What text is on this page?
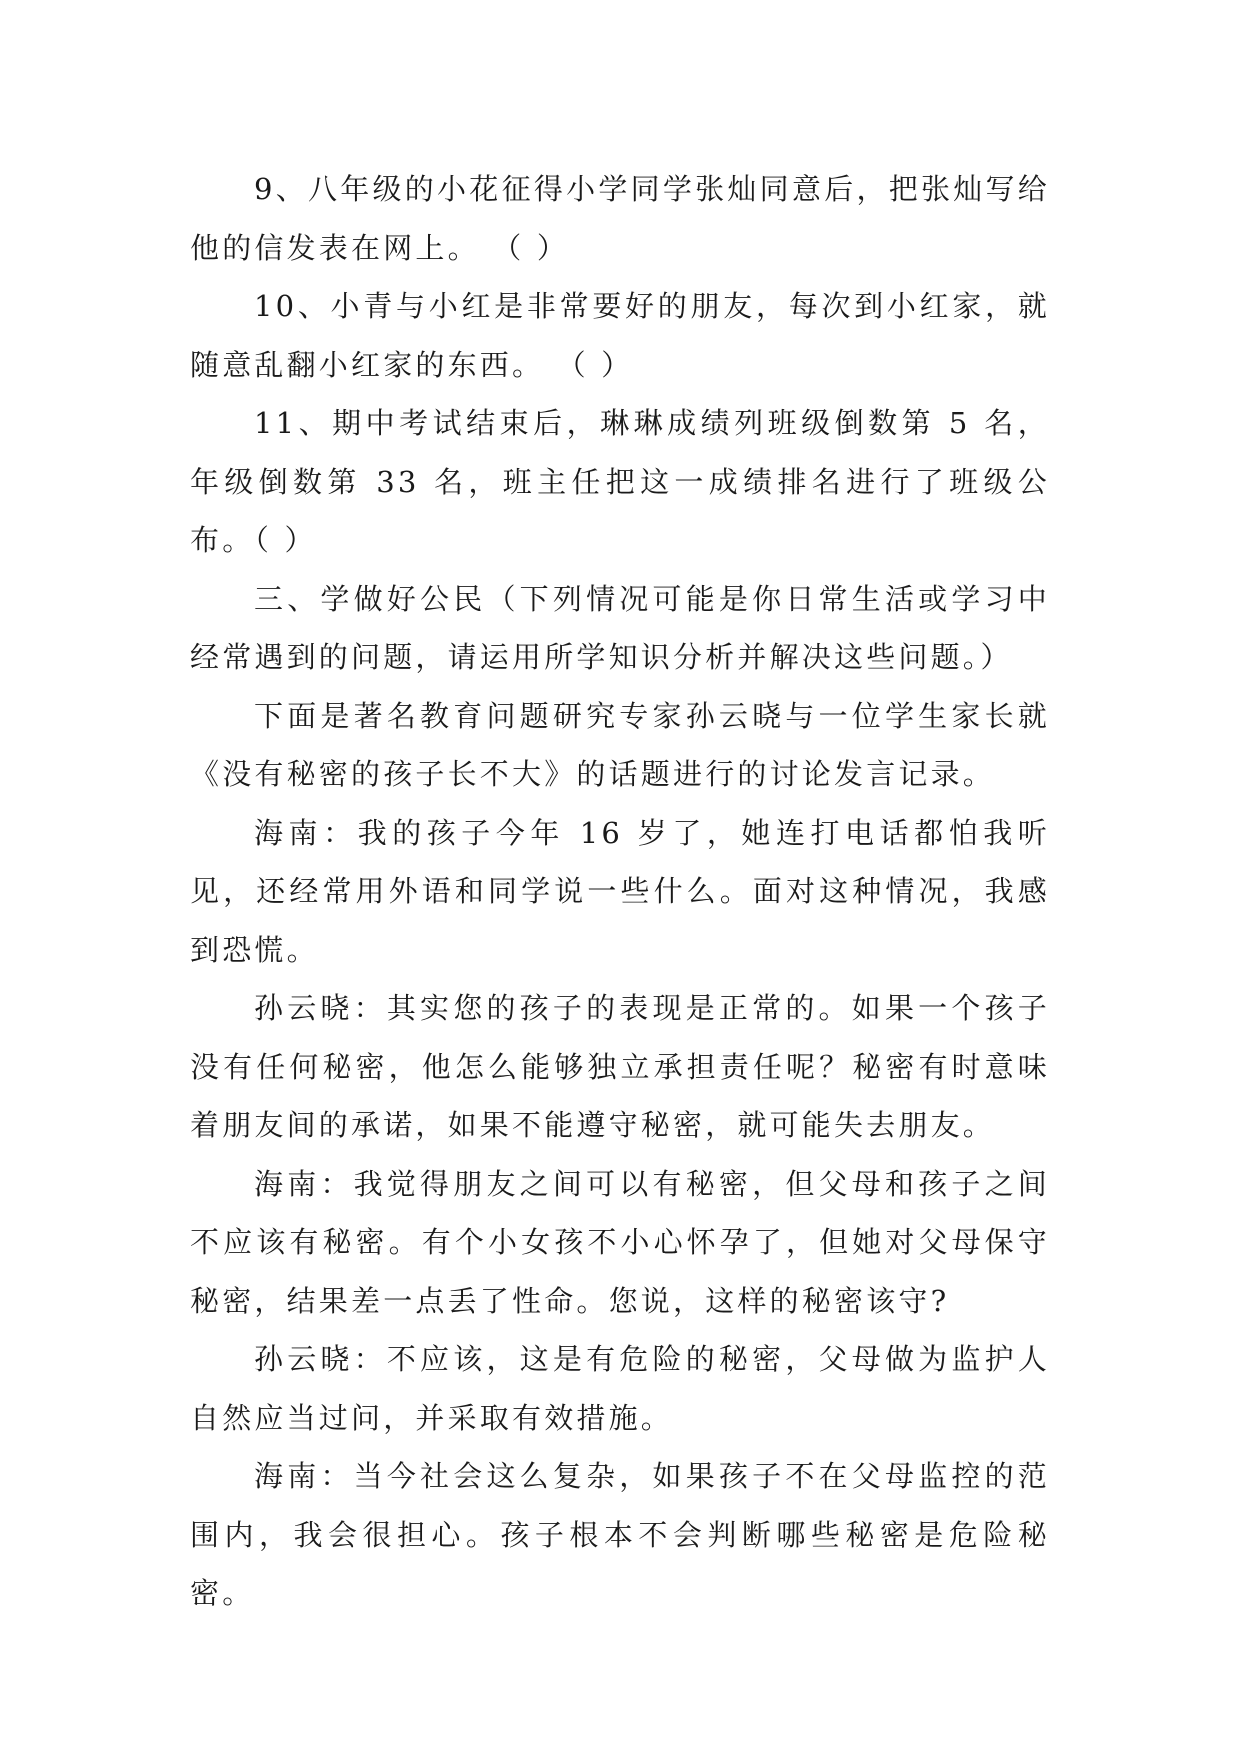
9、八年级的小花征得小学同学张灿同意后，把张灿写给他的信发表在网上。 （ ）

10、小青与小红是非常要好的朋友，每次到小红家，就随意乱翻小红家的东西。 （ ）

11、期中考试结束后，琳琳成绩列班级倒数第 5 名，年级倒数第 33 名，班主任把这一成绩排名进行了班级公布。（ ）

三、学做好公民（下列情况可能是你日常生活或学习中经常遇到的问题，请运用所学知识分析并解决这些问题。）

下面是著名教育问题研究专家孙云晓与一位学生家长就《没有秘密的孩子长不大》的话题进行的讨论发言记录。

海南：我的孩子今年 16 岁了，她连打电话都怕我听见，还经常用外语和同学说一些什么。面对这种情况，我感到恐慌。

孙云晓：其实您的孩子的表现是正常的。如果一个孩子没有任何秘密，他怎么能够独立承担责任呢？秘密有时意味着朋友间的承诺，如果不能遵守秘密，就可能失去朋友。

海南：我觉得朋友之间可以有秘密，但父母和孩子之间不应该有秘密。有个小女孩不小心怀孕了，但她对父母保守秘密，结果差一点丢了性命。您说，这样的秘密该守?

孙云晓：不应该，这是有危险的秘密，父母做为监护人自然应当过问，并采取有效措施。

海南：当今社会这么复杂，如果孩子不在父母监控的范围内，我会很担心。孩子根本不会判断哪些秘密是危险秘密。
